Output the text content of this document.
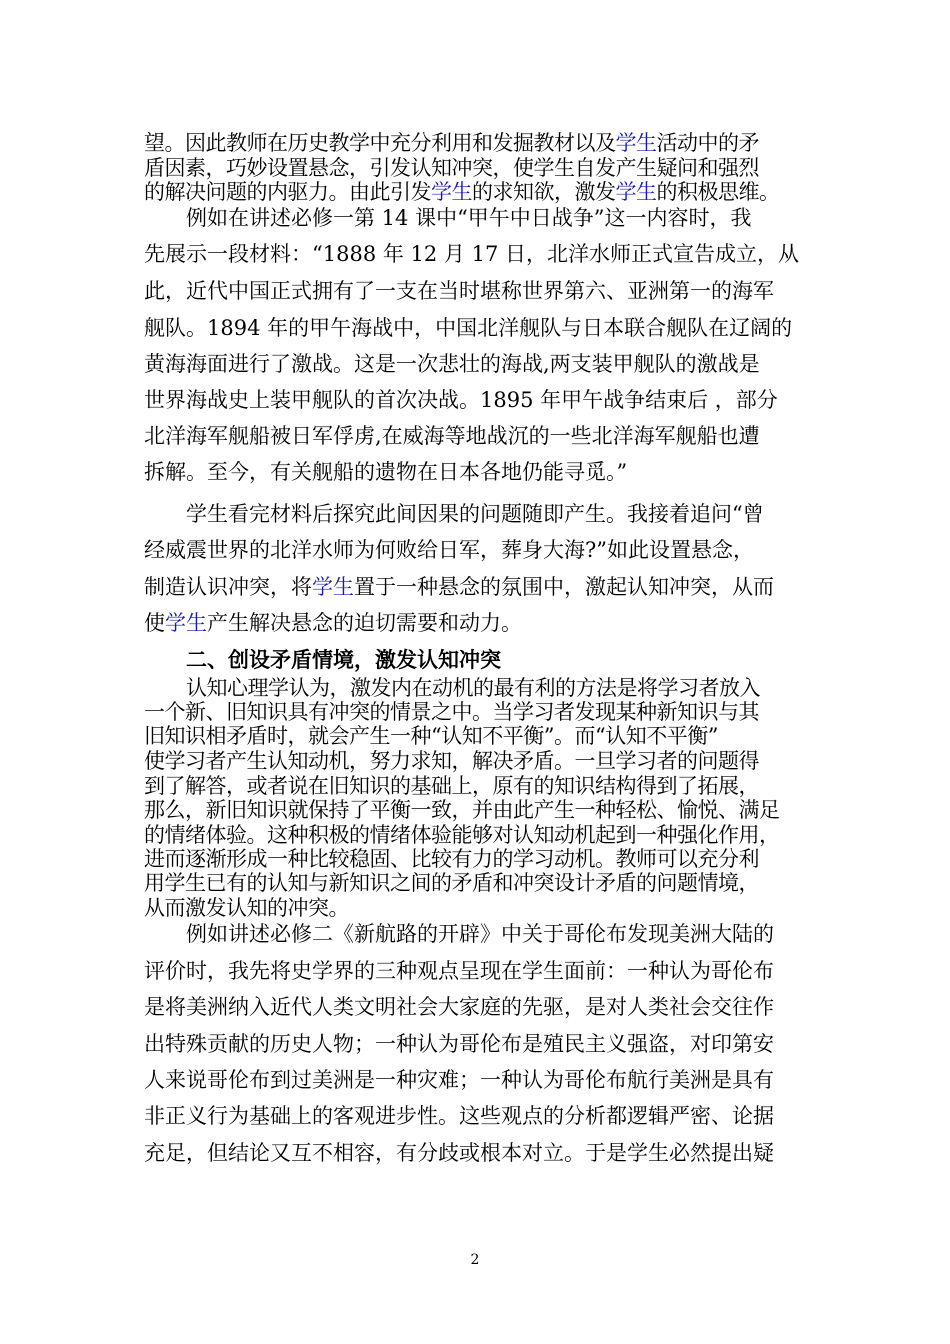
望。因此教师在历史教学中充分利用和发掘教材以及学生活动中的矛

盾因素，巧妙设置悬念，引发认知冲突，使学生自发产生疑问和强烈

的解决问题的内驱力。由此引发学生的求知欲，激发学生的积极思维。

例如在讲述必修一第 14 课中“甲午中日战争”这一内容时，我

先展示一段材料：“1888 年 12 月 17 日，北洋水师正式宣告成立，从

此，近代中国正式拥有了一支在当时堪称世界第六、亚洲第一的海军

舰队。1894 年的甲午海战中，中国北洋舰队与日本联合舰队在辽阔的

黄海海面进行了激战。这是一次悲壮的海战,两支装甲舰队的激战是

世界海战史上装甲舰队的首次决战。1895 年甲午战争结束后 ，部分

北洋海军舰船被日军俘虏,在威海等地战沉的一些北洋海军舰船也遭

拆解。至今，有关舰船的遗物在日本各地仍能寻觅。”

学生看完材料后探究此间因果的问题随即产生。我接着追问“曾

经威震世界的北洋水师为何败给日军，葬身大海?”如此设置悬念，

制造认识冲突，将学生置于一种悬念的氛围中，激起认知冲突，从而

使学生产生解决悬念的迫切需要和动力。

二、创设矛盾情境，激发认知冲突

认知心理学认为，激发内在动机的最有利的方法是将学习者放入

一个新、旧知识具有冲突的情景之中。当学习者发现某种新知识与其

旧知识相矛盾时，就会产生一种“认知不平衡”。而“认知不平衡”

使学习者产生认知动机，努力求知，解决矛盾。一旦学习者的问题得

到了解答，或者说在旧知识的基础上，原有的知识结构得到了拓展，

那么，新旧知识就保持了平衡一致，并由此产生一种轻松、愉悦、满足

的情绪体验。这种积极的情绪体验能够对认知动机起到一种强化作用，

进而逐渐形成一种比较稳固、比较有力的学习动机。教师可以充分利

用学生已有的认知与新知识之间的矛盾和冲突设计矛盾的问题情境，

从而激发认知的冲突。

例如讲述必修二《新航路的开辟》中关于哥伦布发现美洲大陆的

评价时，我先将史学界的三种观点呈现在学生面前：一种认为哥伦布

是将美洲纳入近代人类文明社会大家庭的先驱，是对人类社会交往作

出特殊贡献的历史人物；一种认为哥伦布是殖民主义强盗，对印第安

人来说哥伦布到过美洲是一种灾难；一种认为哥伦布航行美洲是具有

非正义行为基础上的客观进步性。这些观点的分析都逻辑严密、论据

充足，但结论又互不相容，有分歧或根本对立。于是学生必然提出疑

2
